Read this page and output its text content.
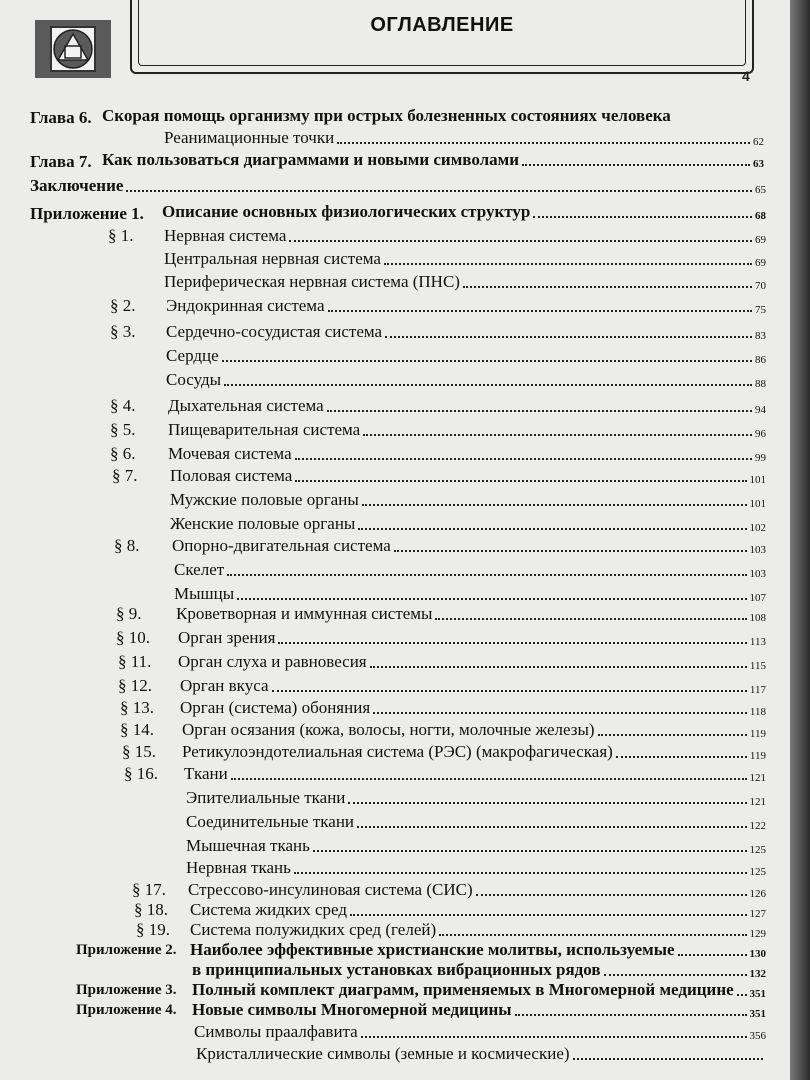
ОГЛАВЛЕНИЕ
4
Глава 6. Скорая помощь организму при острых болезненных состояниях человека
Реанимационные точки	62
Глава 7. Как пользоваться диаграммами и новыми символами	63
Заключение	65
Приложение 1. Описание основных физиологических структур	68
§ 1. Нервная система	69
Центральная нервная система	69
Периферическая нервная система (ПНС)	70
§ 2. Эндокринная система	75
§ 3. Сердечно-сосудистая система	83
Сердце	86
Сосуды	88
§ 4. Дыхательная система	94
§ 5. Пищеварительная система	96
§ 6. Мочевая система	99
§ 7. Половая система	101
Мужские половые органы	101
Женские половые органы	102
§ 8. Опорно-двигательная система	103
Скелет	103
Мышцы	107
§ 9. Кроветворная и иммунная системы	108
§ 10. Орган зрения	113
§ 11. Орган слуха и равновесия	115
§ 12. Орган вкуса	117
§ 13. Орган (система) обоняния	118
§ 14. Орган осязания (кожа, волосы, ногти, молочные железы)	119
§ 15. Ретикулоэндотелиальная система (РЭС) (макрофагическая)	119
§ 16. Ткани	121
Эпителиальные ткани	121
Соединительные ткани	122
Мышечная ткань	125
Нервная ткань	125
§ 17. Стрессово-инсулиновая система (СИС)	126
§ 18. Система жидких сред	127
§ 19. Система полужидких сред (гелей)	129
Приложение 2. Наиболее эффективные христианские молитвы, используемые	130
в принципиальных установках вибрационных рядов	132
Приложение 3. Полный комплект диаграмм, применяемых в Многомерной медицине 351
Приложение 4. Новые символы Многомерной медицины	351
Символы праалфавита	356
Кристаллические символы (земные и космические)
